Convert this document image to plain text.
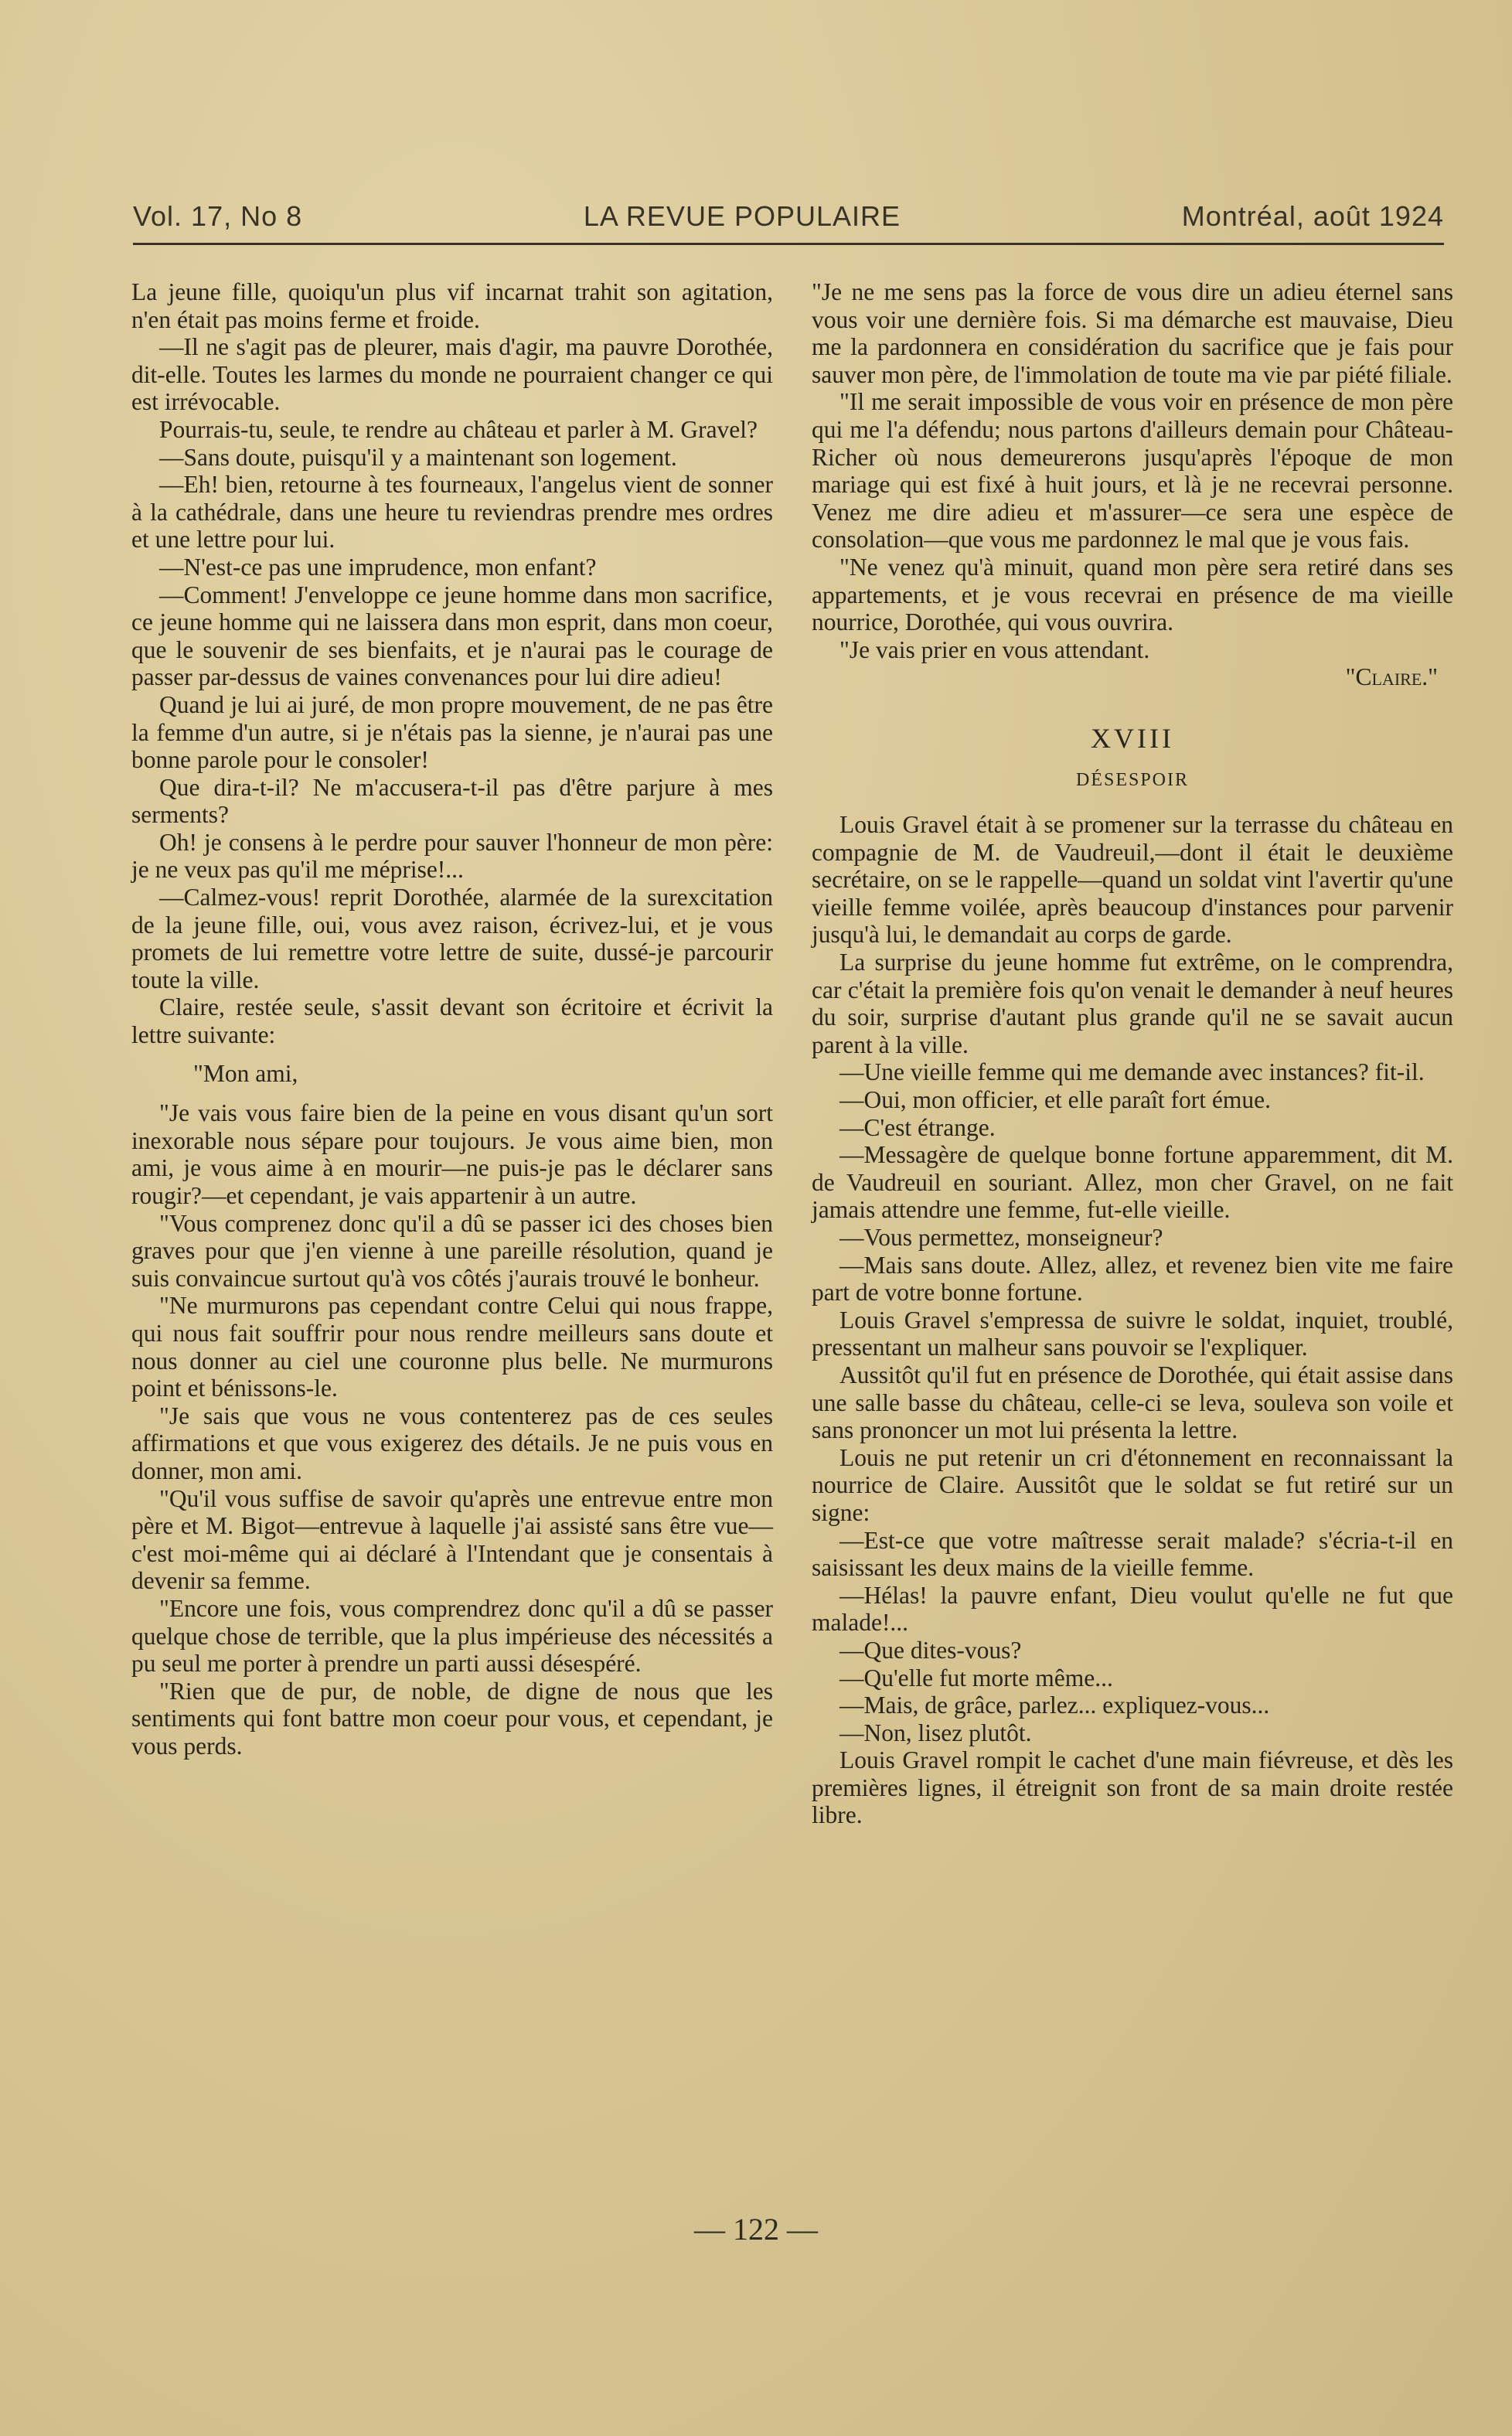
Vol. 17, No 8	LA REVUE POPULAIRE	Montréal, août 1924

La jeune fille, quoiqu'un plus vif incarnat trahit son agitation, n'en était pas moins ferme et froide.

—Il ne s'agit pas de pleurer, mais d'agir, ma pauvre Dorothée, dit-elle. Toutes les larmes du monde ne pourraient changer ce qui est irrévocable.

Pourrais-tu, seule, te rendre au château et parler à M. Gravel?

—Sans doute, puisqu'il y a maintenant son logement.

—Eh! bien, retourne à tes fourneaux, l'angelus vient de sonner à la cathédrale, dans une heure tu reviendras prendre mes ordres et une lettre pour lui.

—N'est-ce pas une imprudence, mon enfant?

—Comment! J'enveloppe ce jeune homme dans mon sacrifice, ce jeune homme qui ne laissera dans mon esprit, dans mon coeur, que le souvenir de ses bienfaits, et je n'aurai pas le courage de passer par-dessus de vaines convenances pour lui dire adieu!

Quand je lui ai juré, de mon propre mouvement, de ne pas être la femme d'un autre, si je n'étais pas la sienne, je n'aurai pas une bonne parole pour le consoler!

Que dira-t-il? Ne m'accusera-t-il pas d'être parjure à mes serments?

Oh! je consens à le perdre pour sauver l'honneur de mon père: je ne veux pas qu'il me méprise!...

—Calmez-vous! reprit Dorothée, alarmée de la surexcitation de la jeune fille, oui, vous avez raison, écrivez-lui, et je vous promets de lui remettre votre lettre de suite, dussé-je parcourir toute la ville.

Claire, restée seule, s'assit devant son écritoire et écrivit la lettre suivante:

"Mon ami,

"Je vais vous faire bien de la peine en vous disant qu'un sort inexorable nous sépare pour toujours. Je vous aime bien, mon ami, je vous aime à en mourir—ne puis-je pas le déclarer sans rougir?—et cependant, je vais appartenir à un autre.

"Vous comprenez donc qu'il a dû se passer ici des choses bien graves pour que j'en vienne à une pareille résolution, quand je suis convaincue surtout qu'à vos côtés j'aurais trouvé le bonheur.

"Ne murmurons pas cependant contre Celui qui nous frappe, qui nous fait souffrir pour nous rendre meilleurs sans doute et nous donner au ciel une couronne plus belle. Ne murmurons point et bénissons-le.

"Je sais que vous ne vous contenterez pas de ces seules affirmations et que vous exigerez des détails. Je ne puis vous en donner, mon ami.

"Qu'il vous suffise de savoir qu'après une entrevue entre mon père et M. Bigot—entrevue à laquelle j'ai assisté sans être vue—c'est moi-même qui ai déclaré à l'Intendant que je consentais à devenir sa femme.

"Encore une fois, vous comprendrez donc qu'il a dû se passer quelque chose de terrible, que la plus impérieuse des nécessités a pu seul me porter à prendre un parti aussi désespéré.

"Rien que de pur, de noble, de digne de nous que les sentiments qui font battre mon coeur pour vous, et cependant, je vous perds.

"Je ne me sens pas la force de vous dire un adieu éternel sans vous voir une dernière fois. Si ma démarche est mauvaise, Dieu me la pardonnera en considération du sacrifice que je fais pour sauver mon père, de l'immolation de toute ma vie par piété filiale.

"Il me serait impossible de vous voir en présence de mon père qui me l'a défendu; nous partons d'ailleurs demain pour Château-Richer où nous demeurerons jusqu'après l'époque de mon mariage qui est fixé à huit jours, et là je ne recevrai personne. Venez me dire adieu et m'assurer—ce sera une espèce de consolation—que vous me pardonnez le mal que je vous fais.

"Ne venez qu'à minuit, quand mon père sera retiré dans ses appartements, et je vous recevrai en présence de ma vieille nourrice, Dorothée, qui vous ouvrira.

"Je vais prier en vous attendant.

"Claire."

XVIII
DÉSESPOIR

Louis Gravel était à se promener sur la terrasse du château en compagnie de M. de Vaudreuil,—dont il était le deuxième secrétaire, on se le rappelle—quand un soldat vint l'avertir qu'une vieille femme voilée, après beaucoup d'instances pour parvenir jusqu'à lui, le demandait au corps de garde.

La surprise du jeune homme fut extrême, on le comprendra, car c'était la première fois qu'on venait le demander à neuf heures du soir, surprise d'autant plus grande qu'il ne se savait aucun parent à la ville.

—Une vieille femme qui me demande avec instances? fit-il.

—Oui, mon officier, et elle paraît fort émue.

—C'est étrange.

—Messagère de quelque bonne fortune apparemment, dit M. de Vaudreuil en souriant. Allez, mon cher Gravel, on ne fait jamais attendre une femme, fut-elle vieille.

—Vous permettez, monseigneur?

—Mais sans doute. Allez, allez, et revenez bien vite me faire part de votre bonne fortune.

Louis Gravel s'empressa de suivre le soldat, inquiet, troublé, pressentant un malheur sans pouvoir se l'expliquer.

Aussitôt qu'il fut en présence de Dorothée, qui était assise dans une salle basse du château, celle-ci se leva, souleva son voile et sans prononcer un mot lui présenta la lettre.

Louis ne put retenir un cri d'étonnement en reconnaissant la nourrice de Claire. Aussitôt que le soldat se fut retiré sur un signe:

—Est-ce que votre maîtresse serait malade? s'écria-t-il en saisissant les deux mains de la vieille femme.

—Hélas! la pauvre enfant, Dieu voulut qu'elle ne fut que malade!...

—Que dites-vous?

—Qu'elle fut morte même...

—Mais, de grâce, parlez... expliquez-vous...

—Non, lisez plutôt.

Louis Gravel rompit le cachet d'une main fiévreuse, et dès les premières lignes, il étreignit son front de sa main droite restée libre.

— 122 —
